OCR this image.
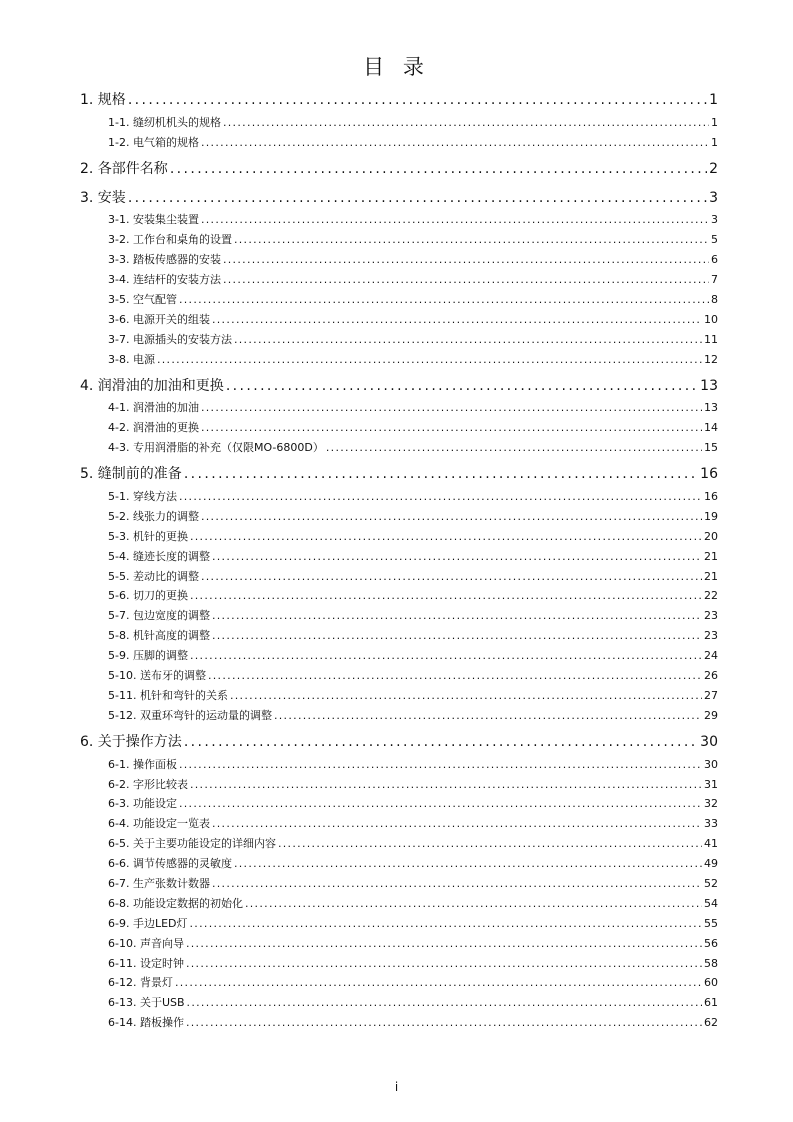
目 录
1. 规格 .....	1
1-1. 缝纫机机头的规格 .....	1
1-2. 电气箱的规格 .....	1
2. 各部件名称 .....	2
3. 安装 .....	3
3-1. 安装集尘装置 .....	3
3-2. 工作台和桌角的设置 .....	5
3-3. 踏板传感器的安装 .....	6
3-4. 连结杆的安装方法 .....	7
3-5. 空气配管 .....	8
3-6. 电源开关的组装 .....	10
3-7. 电源插头的安装方法 .....	11
3-8. 电源 .....	12
4. 润滑油的加油和更换 .....	13
4-1. 润滑油的加油 .....	13
4-2. 润滑油的更换 .....	14
4-3. 专用润滑脂的补充（仅限MO-6800D） .....	15
5. 缝制前的准备 .....	16
5-1. 穿线方法 .....	16
5-2. 线张力的调整 .....	19
5-3. 机针的更换 .....	20
5-4. 缝迹长度的调整 .....	21
5-5. 差动比的调整 .....	21
5-6. 切刀的更换 .....	22
5-7. 包边宽度的调整 .....	23
5-8. 机针高度的调整 .....	23
5-9. 压脚的调整 .....	24
5-10. 送布牙的调整 .....	26
5-11. 机针和弯针的关系 .....	27
5-12. 双重环弯针的运动量的调整 .....	29
6. 关于操作方法 .....	30
6-1. 操作面板 .....	30
6-2. 字形比较表 .....	31
6-3. 功能设定 .....	32
6-4. 功能设定一览表 .....	33
6-5. 关于主要功能设定的详细内容 .....	41
6-6. 调节传感器的灵敏度 .....	49
6-7. 生产张数计数器 .....	52
6-8. 功能设定数据的初始化 .....	54
6-9. 手边LED灯 .....	55
6-10. 声音向导 .....	56
6-11. 设定时钟 .....	58
6-12. 背景灯 .....	60
6-13. 关于USB .....	61
6-14. 踏板操作 .....	62
i
